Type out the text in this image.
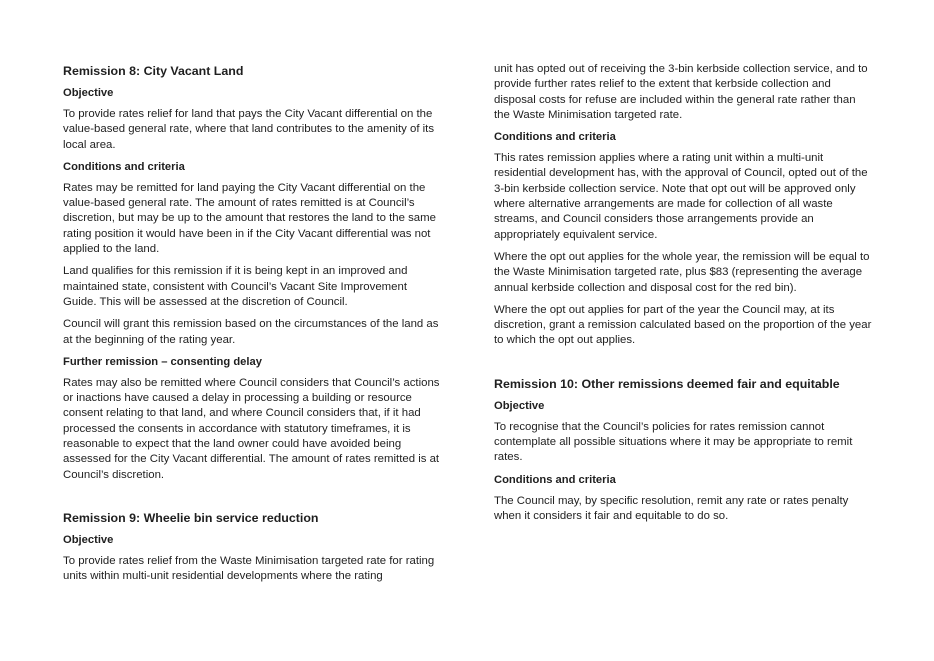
Remission 8: City Vacant Land
Objective
To provide rates relief for land that pays the City Vacant differential on the value-based general rate, where that land contributes to the amenity of its local area.
Conditions and criteria
Rates may be remitted for land paying the City Vacant differential on the value-based general rate. The amount of rates remitted is at Council’s discretion, but may be up to the amount that restores the land to the same rating position it would have been in if the City Vacant differential was not applied to the land.
Land qualifies for this remission if it is being kept in an improved and maintained state, consistent with Council’s Vacant Site Improvement Guide. This will be assessed at the discretion of Council.
Council will grant this remission based on the circumstances of the land as at the beginning of the rating year.
Further remission – consenting delay
Rates may also be remitted where Council considers that Council’s actions or inactions have caused a delay in processing a building or resource consent relating to that land, and where Council considers that, if it had processed the consents in accordance with statutory timeframes, it is reasonable to expect that the land owner could have avoided being assessed for the City Vacant differential. The amount of rates remitted is at Council’s discretion.
Remission 9: Wheelie bin service reduction
Objective
To provide rates relief from the Waste Minimisation targeted rate for rating units within multi-unit residential developments where the rating
unit has opted out of receiving the 3-bin kerbside collection service, and to provide further rates relief to the extent that kerbside collection and disposal costs for refuse are included within the general rate rather than the Waste Minimisation targeted rate.
Conditions and criteria
This rates remission applies where a rating unit within a multi-unit residential development has, with the approval of Council, opted out of the 3-bin kerbside collection service. Note that opt out will be approved only where alternative arrangements are made for collection of all waste streams, and Council considers those arrangements provide an appropriately equivalent service.
Where the opt out applies for the whole year, the remission will be equal to the Waste Minimisation targeted rate, plus $83 (representing the average annual kerbside collection and disposal cost for the red bin).
Where the opt out applies for part of the year the Council may, at its discretion, grant a remission calculated based on the proportion of the year to which the opt out applies.
Remission 10: Other remissions deemed fair and equitable
Objective
To recognise that the Council’s policies for rates remission cannot contemplate all possible situations where it may be appropriate to remit rates.
Conditions and criteria
The Council may, by specific resolution, remit any rate or rates penalty when it considers it fair and equitable to do so.
